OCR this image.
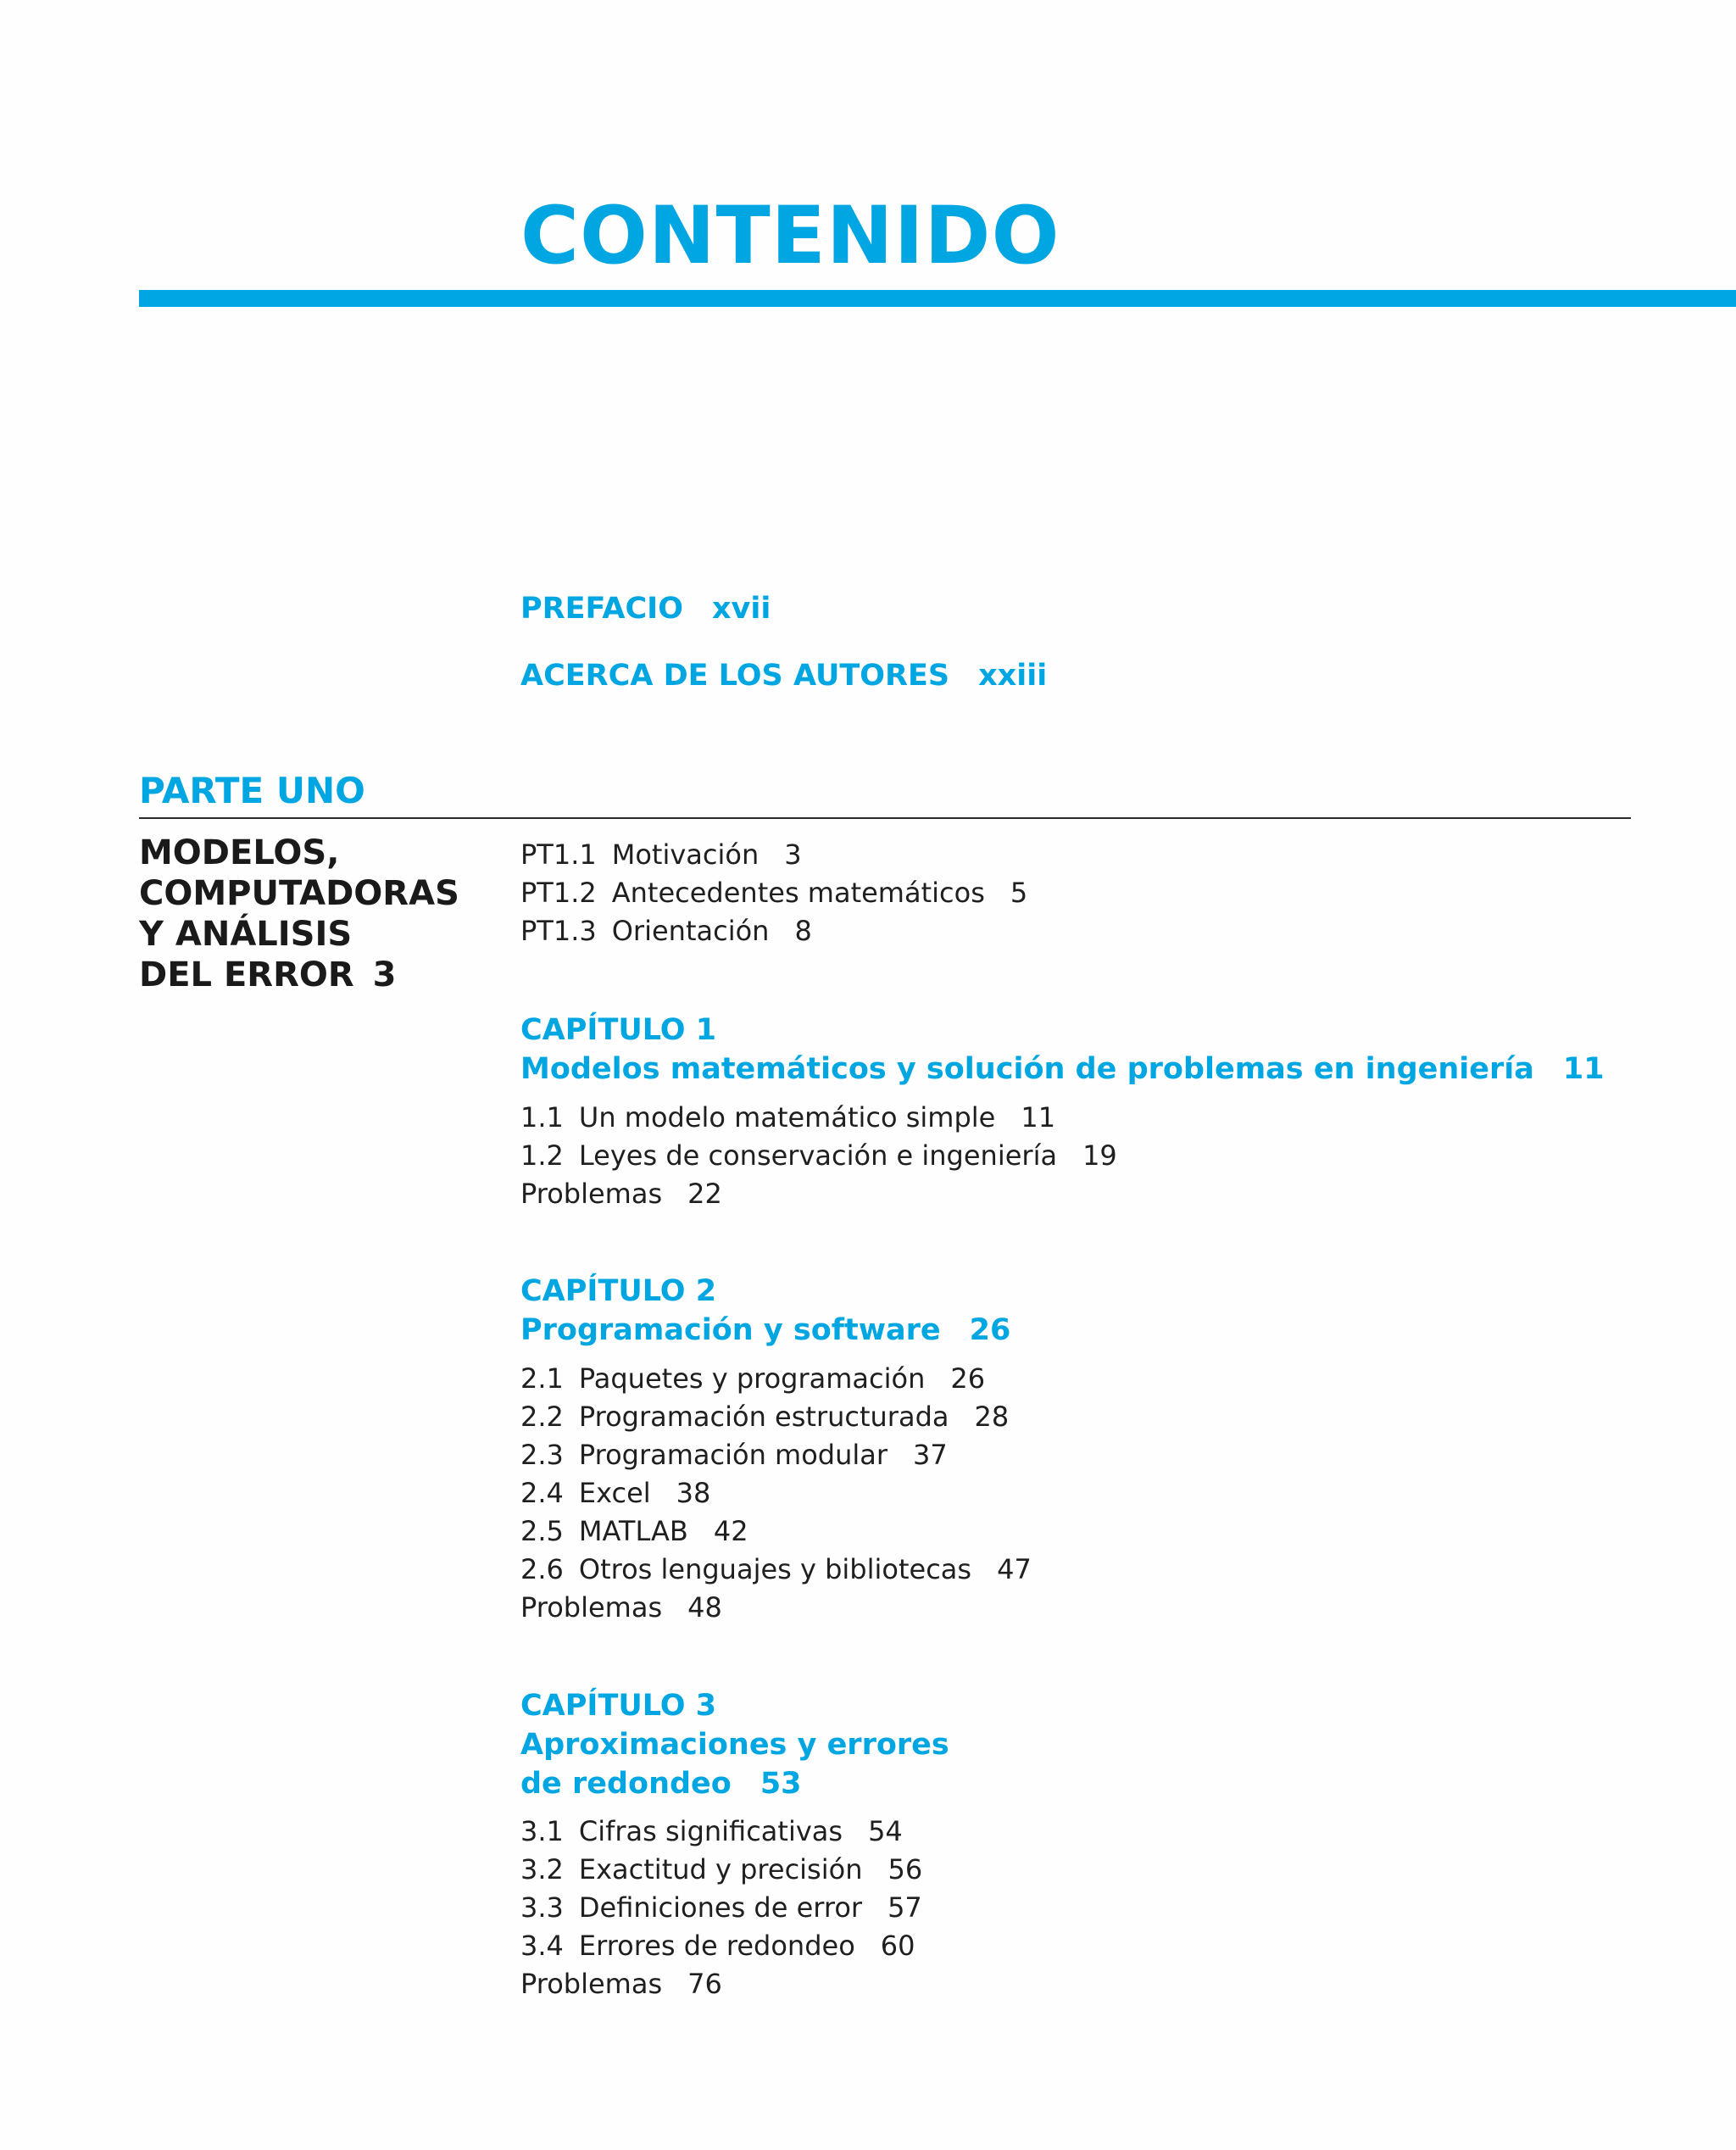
CONTENIDO

PREFACIO xvii

ACERCA DE LOS AUTORES xxiii

PARTE UNO

MODELOS,
COMPUTADORAS
Y ANÁLISIS
DEL ERROR 3

PT1.1 Motivación 3
PT1.2 Antecedentes matemáticos 5
PT1.3 Orientación 8

CAPÍTULO 1

Modelos matemáticos y solución de problemas en ingeniería 11

1.1 Un modelo matemático simple 11
1.2 Leyes de conservación e ingeniería 19
Problemas 22

CAPÍTULO 2

Programación y software 26

2.1 Paquetes y programación 26
2.2 Programación estructurada 28
2.3 Programación modular 37
2.4 Excel 38
2.5 MATLAB 42
2.6 Otros lenguajes y bibliotecas 47
Problemas 48

CAPÍTULO 3

Aproximaciones y errores
de redondeo 53

3.1 Cifras significativas 54
3.2 Exactitud y precisión 56
3.3 Definiciones de error 57
3.4 Errores de redondeo 60
Problemas 76
